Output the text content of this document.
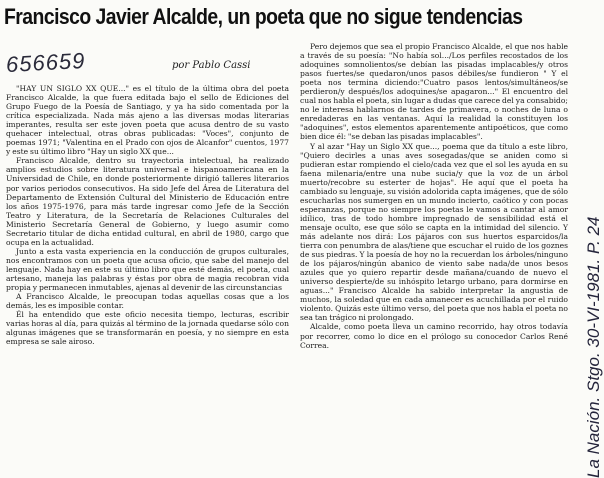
Francisco Javier Alcalde, un poeta que no sigue tendencias
656659	por Pablo Cassi

"HAY UN SIGLO XX QUE..." es el título de la última obra del poeta Francisco Alcalde, la que fuera editada bajo el sello de Ediciones del Grupo Fuego de la Poesía de Santiago, y ya ha sido comentada por la crítica especializada. Nada más ajeno a las diversas modas literarias imperantes, resulta ser este joven poeta que acusa dentro de su vasto quehacer intelectual, otras obras publicadas: "Voces", conjunto de poemas 1971; "Valentina en el Prado con ojos de Alcanfor" cuentos, 1977 y este su último libro "Hay un siglo XX que...

Francisco Alcalde, dentro su trayectoria intelectual, ha realizado amplios estudios sobre literatura universal e hispanoamericana en la Universidad de Chile, en donde posteriormente dirigió talleres literarios por varios periodos consecutivos. Ha sido Jefe del Área de Literatura del Departamento de Extensión Cultural del Ministerio de Educación entre los años 1975-1976, para más tarde ingresar como Jefe de la Sección Teatro y Literatura, de la Secretaría de Relaciones Culturales del Ministerio Secretaría General de Gobierno, y luego asumir como Secretario titular de dicha entidad cultural, en abril de 1980, cargo que ocupa en la actualidad.

Junto a esta vasta experiencia en la conducción de grupos culturales, nos encontramos con un poeta que acusa oficio, que sabe del manejo del lenguaje. Nada hay en este su último libro que esté demás, el poeta, cual artesano, maneja las palabras y éstas por obra de magia recobran vida propia y permanecen inmutables, ajenas al devenir de las circunstancias

A Francisco Alcalde, le preocupan todas aquellas cosas que a los demás, les es imposible contar.

Él ha entendido que este oficio necesita tiempo, lecturas, escribir varias horas al día, para quizás al término de la jornada quedarse sólo con algunas imágenes que se transformarán en poesía, y no siempre en esta empresa se sale airoso.

Pero dejemos que sea el propio Francisco Alcalde, el que nos hable a través de su poesía: "No había sol.../Los perfiles recostados de los adoquines somnolientos/se debían las pisadas implacables/y otros pasos fuertes/se quedaron/unos pasos débiles/se fundieron " Y el poeta nos termina diciendo:"Cuatro pasos lentos/simultáneos/se perdieron/y después/los adoquines/se apagaron..." El encuentro del cual nos habla el poeta, sin lugar a dudas que carece del ya consabido; no le interesa hablarnos de tardes de primavera, o noches de luna o enredaderas en las ventanas. Aquí la realidad la constituyen los "adoquines", estos elementos aparentemente antipoéticos, que como bien dice él: "se deban las pisadas implacables".

Y al azar "Hay un Siglo XX que..., poema que da título a este libro, "Quiero decirles a unas aves sosegadas/que se aniden como si pudieran estar rompiendo el cielo/cada vez que el sol les ayuda en su faena milenaria/entre una nube sucia/y que la voz de un árbol muerto/recobre su esterter de hojas". He aquí que el poeta ha cambiado su lenguaje, su visión adolorida capta imágenes, que de sólo escucharlas nos sumergen en un mundo incierto, caótico y con pocas esperanzas, porque no siempre los poetas le vamos a cantar al amor idílico, tras de todo hombre impregnado de sensibilidad está el mensaje oculto, ese que sólo se capta en la intimidad del silencio. Y más adelante nos dirá: Los pájaros con sus huertos esparcidos/la tierra con penumbra de alas/tiene que escuchar el ruido de los goznes de sus piedras. Y la poesía de hoy no la recuerdan los árboles/ninguno de los pájaros/ningún abanico de viento sabe nada/de unos besos azules que yo quiero repartir desde mañana/cuando de nuevo el universo despierte/de su inhóspito letargo urbano, para dormirse en aguas..." Francisco Alcalde ha sabido interpretar la angustia de muchos, la soledad que en cada amanecer es acuchillada por el ruido violento. Quizás este último verso, del poeta que nos habla el poeta no sea tan trágico ni prolongado.

Alcalde, como poeta lleva un camino recorrido, hay otros todavía por recorrer, como lo dice en el prólogo su conocedor Carlos René Correa.	La Nación. Stgo. 30-VI-1981. P. 24
